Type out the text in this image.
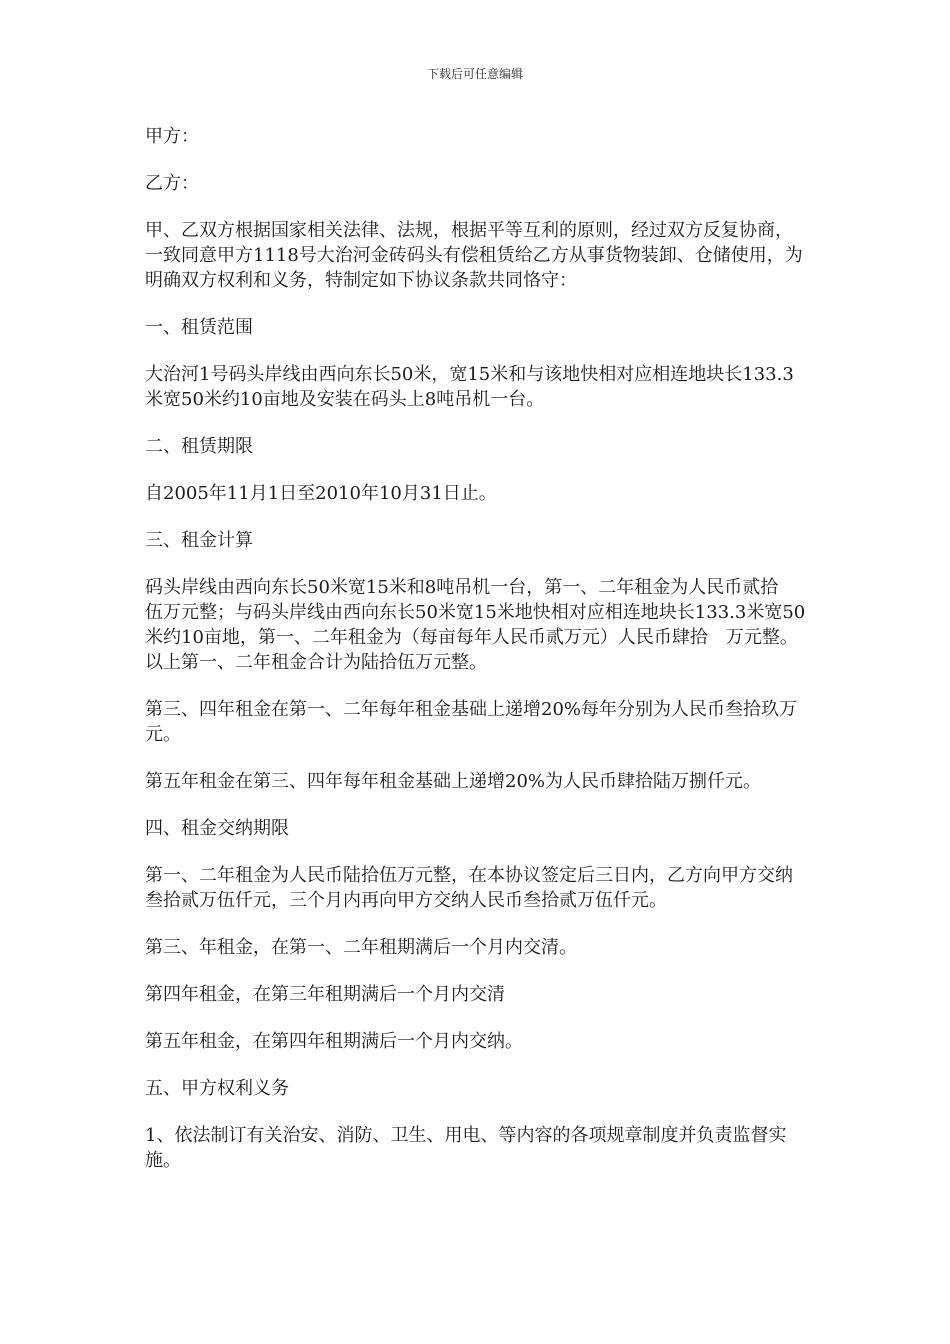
下载后可任意编辑

甲方：

乙方：

甲、乙双方根据国家相关法律、法规，根据平等互利的原则，经过双方反复协商，一致同意甲方1118号大治河金砖码头有偿租赁给乙方从事货物装卸、仓储使用，为明确双方权利和义务，特制定如下协议条款共同恪守：

一、租赁范围

大治河1号码头岸线由西向东长50米，宽15米和与该地快相对应相连地块长133.3米宽50米约10亩地及安装在码头上8吨吊机一台。

二、租赁期限

自2005年11月1日至2010年10月31日止。

三、租金计算

码头岸线由西向东长50米宽15米和8吨吊机一台，第一、二年租金为人民币贰拾　伍万元整；与码头岸线由西向东长50米宽15米地快相对应相连地块长133.3米宽50米约10亩地，第一、二年租金为（每亩每年人民币贰万元）人民币肆拾　万元整。以上第一、二年租金合计为陆拾伍万元整。

第三、四年租金在第一、二年每年租金基础上递增20%每年分别为人民币叁拾玖万元。

第五年租金在第三、四年每年租金基础上递增20%为人民币肆拾陆万捌仟元。

四、租金交纳期限

第一、二年租金为人民币陆拾伍万元整，在本协议签定后三日内，乙方向甲方交纳叁拾贰万伍仟元，三个月内再向甲方交纳人民币叁拾贰万伍仟元。

第三、年租金，在第一、二年租期满后一个月内交清。

第四年租金，在第三年租期满后一个月内交清

第五年租金，在第四年租期满后一个月内交纳。

五、甲方权利义务

1、依法制订有关治安、消防、卫生、用电、等内容的各项规章制度并负责监督实施。
